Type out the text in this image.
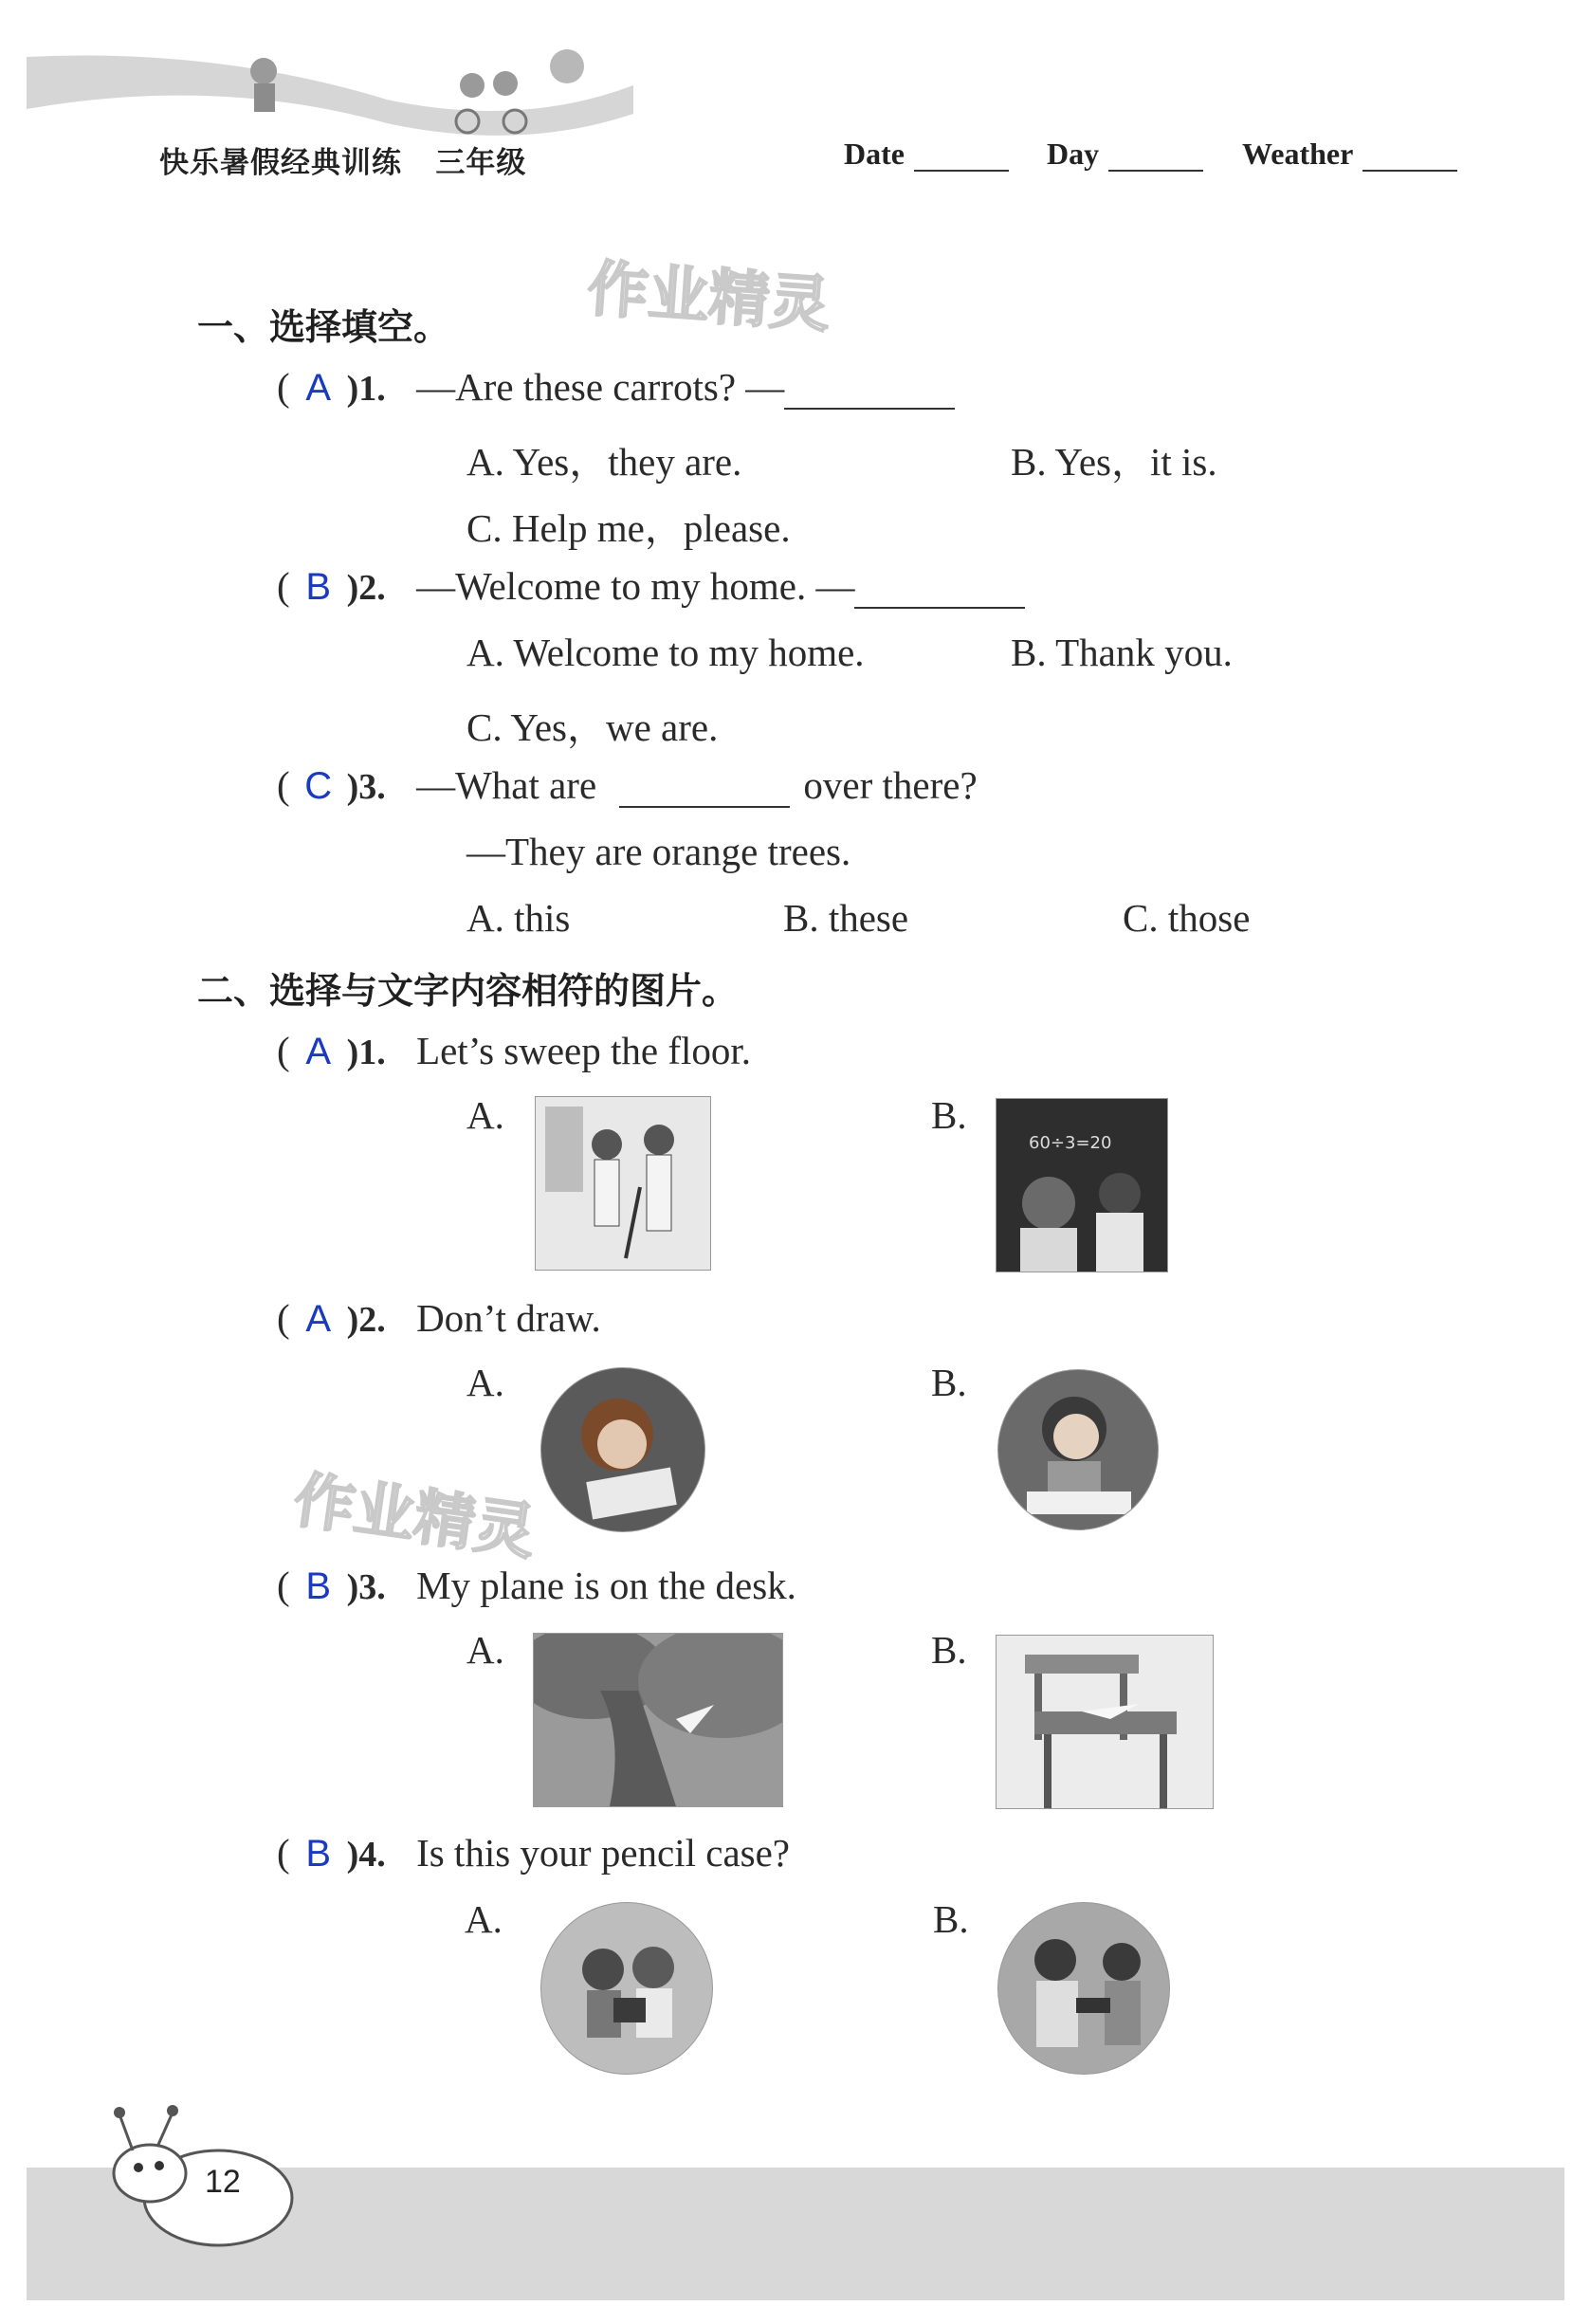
快乐暑假经典训练 三年级	Date	Day	Weather
作业精灵
作业精灵
一、选择填空。
( A )1. —Are these carrots? —
A. Yes，they are.	B. Yes，it is.
C. Help me，please.
( B )2. —Welcome to my home. —
A. Welcome to my home.	B. Thank you.
C. Yes，we are.
( C )3. —What are	over there?
—They are orange trees.
A. this	B. these	C. those
二、选择与文字内容相符的图片。
( A )1. Let’s sweep the floor.
A.	B.
60÷3=20
( A )2. Don’t draw.
A.	B.
( B )3. My plane is on the desk.
A.	B.
( B )4. Is this your pencil case?
A.	B.
12
